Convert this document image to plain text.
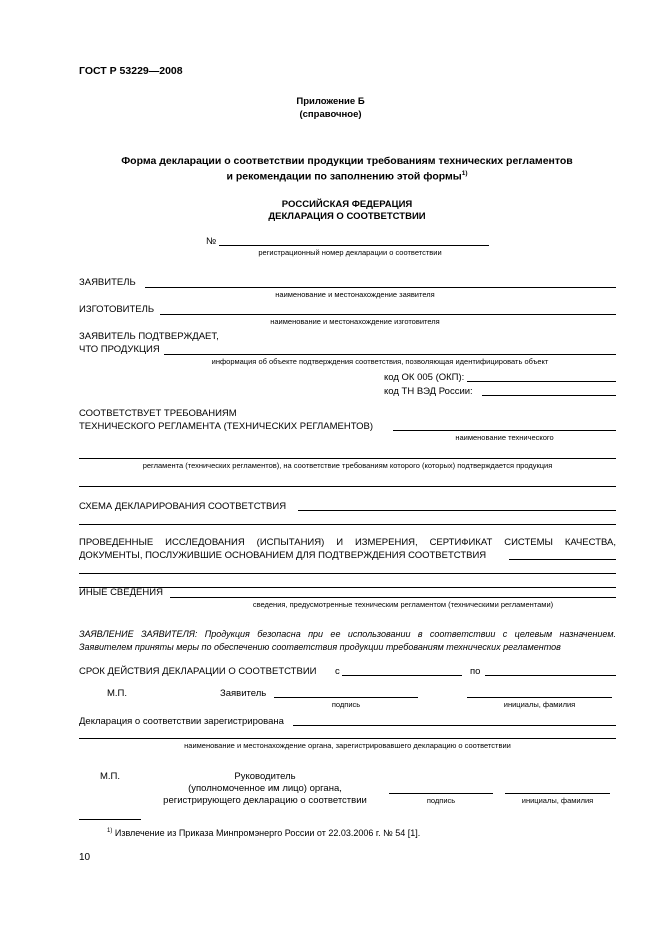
ГОСТ Р 53229—2008
Приложение Б
(справочное)
Форма декларации о соответствии продукции требованиям технических регламентов
и рекомендации по заполнению этой формы$^{1)}$
РОССИЙСКАЯ ФЕДЕРАЦИЯ
ДЕКЛАРАЦИЯ О СООТВЕТСТВИИ
№
регистрационный номер декларации о соответствии
ЗАЯВИТЕЛЬ
наименование и местонахождение заявителя
ИЗГОТОВИТЕЛЬ
наименование и местонахождение изготовителя
ЗАЯВИТЕЛЬ ПОДТВЕРЖДАЕТ,
ЧТО ПРОДУКЦИЯ
информация об объекте подтверждения соответствия, позволяющая идентифицировать объект
код ОК 005 (ОКП):
код ТН ВЭД России:
СООТВЕТСТВУЕТ ТРЕБОВАНИЯМ
ТЕХНИЧЕСКОГО РЕГЛАМЕНТА (ТЕХНИЧЕСКИХ РЕГЛАМЕНТОВ)
наименование технического
регламента (технических регламентов), на соответствие требованиям которого (которых) подтверждается продукция
СХЕМА ДЕКЛАРИРОВАНИЯ СООТВЕТСТВИЯ
ПРОВЕДЕННЫЕ ИССЛЕДОВАНИЯ (ИСПЫТАНИЯ) И ИЗМЕРЕНИЯ, СЕРТИФИКАТ СИСТЕМЫ КАЧЕСТВА,
ДОКУМЕНТЫ, ПОСЛУЖИВШИЕ ОСНОВАНИЕМ ДЛЯ ПОДТВЕРЖДЕНИЯ СООТВЕТСТВИЯ
ИНЫЕ СВЕДЕНИЯ
сведения, предусмотренные техническим регламентом (техническими регламентами)
ЗАЯВЛЕНИЕ ЗАЯВИТЕЛЯ: Продукция безопасна при ее использовании в соответствии с целевым назначением.
Заявителем приняты меры по обеспечению соответствия продукции требованиям технических регламентов
СРОК ДЕЙСТВИЯ ДЕКЛАРАЦИИ О СООТВЕТСТВИИ с	по
М.П.	Заявитель
подпись	инициалы, фамилия
Декларация о соответствии зарегистрирована
наименование и местонахождение органа, зарегистрировавшего декларацию о соответствии
М.П.	Руководитель
(уполномоченное им лицо) органа,
регистрирующего декларацию о соответствии	подпись	инициалы, фамилия
$^{1)}$ Извлечение из Приказа Минпромэнерго России от 22.03.2006 г. № 54 [1].
10
